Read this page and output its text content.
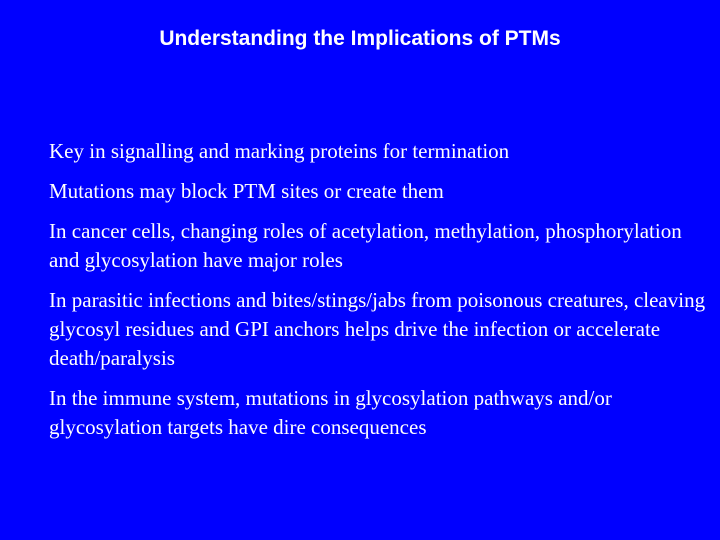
Understanding the Implications of PTMs
Key in signalling and marking proteins for termination
Mutations may block PTM sites or create them
In cancer cells, changing roles of acetylation, methylation, phosphorylation and glycosylation have major roles
In parasitic infections and bites/stings/jabs from poisonous creatures, cleaving glycosyl residues and GPI anchors helps drive the infection or accelerate death/paralysis
In the immune system, mutations in glycosylation pathways and/or glycosylation targets have dire consequences
